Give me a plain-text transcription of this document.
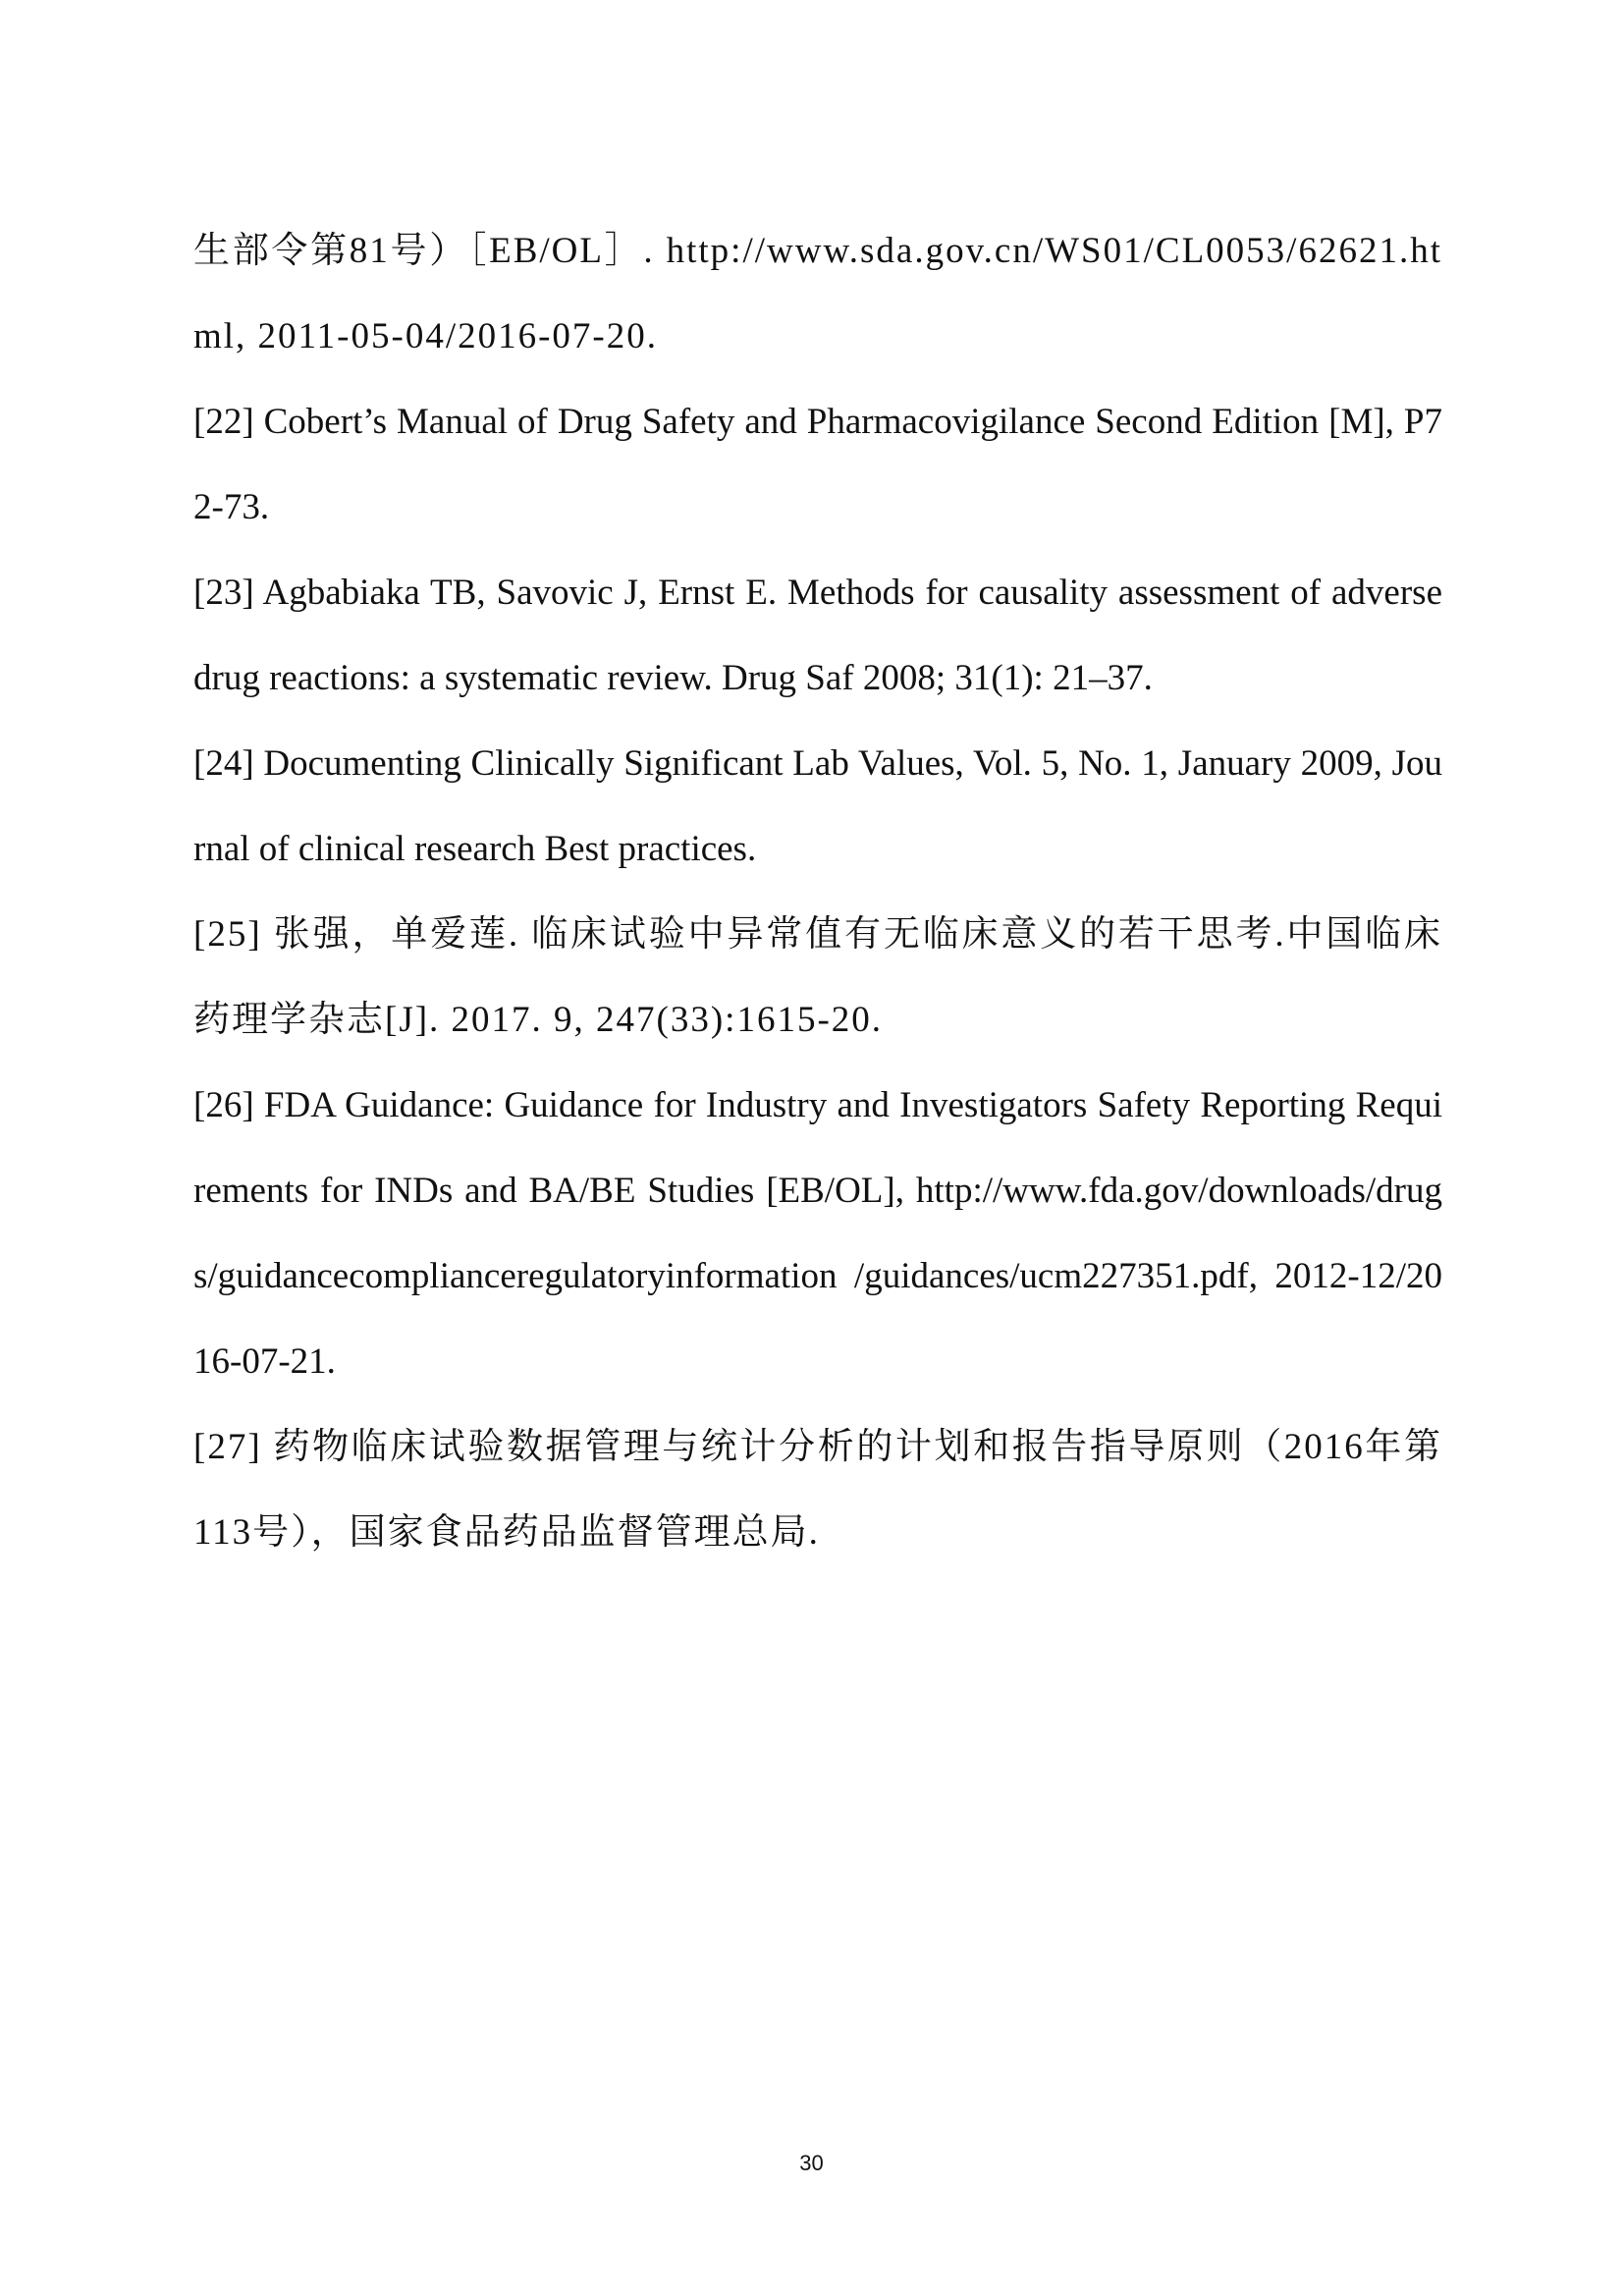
生部令第81号）［EB/OL］. http://www.sda.gov.cn/WS01/CL0053/62621.html, 2011-05-04/2016-07-20.

[22] Cobert’s Manual of Drug Safety and Pharmacovigilance Second Edition [M], P72-73.

[23] Agbabiaka TB, Savovic J, Ernst E. Methods for causality assessment of adverse drug reactions: a systematic review. Drug Saf 2008; 31(1): 21–37.

[24] Documenting Clinically Significant Lab Values, Vol. 5, No. 1, January 2009, Journal of clinical research Best practices.

[25] 张强，单爱莲. 临床试验中异常值有无临床意义的若干思考.中国临床药理学杂志[J]. 2017. 9, 247(33):1615-20.

[26] FDA Guidance: Guidance for Industry and Investigators Safety Reporting Requirements for INDs and BA/BE Studies [EB/OL], http://www.fda.gov/downloads/drugs/guidancecomplianceregulatoryinformation /guidances/ucm227351.pdf, 2012-12/2016-07-21.

[27] 药物临床试验数据管理与统计分析的计划和报告指导原则（2016年第113号），国家食品药品监督管理总局.

30
